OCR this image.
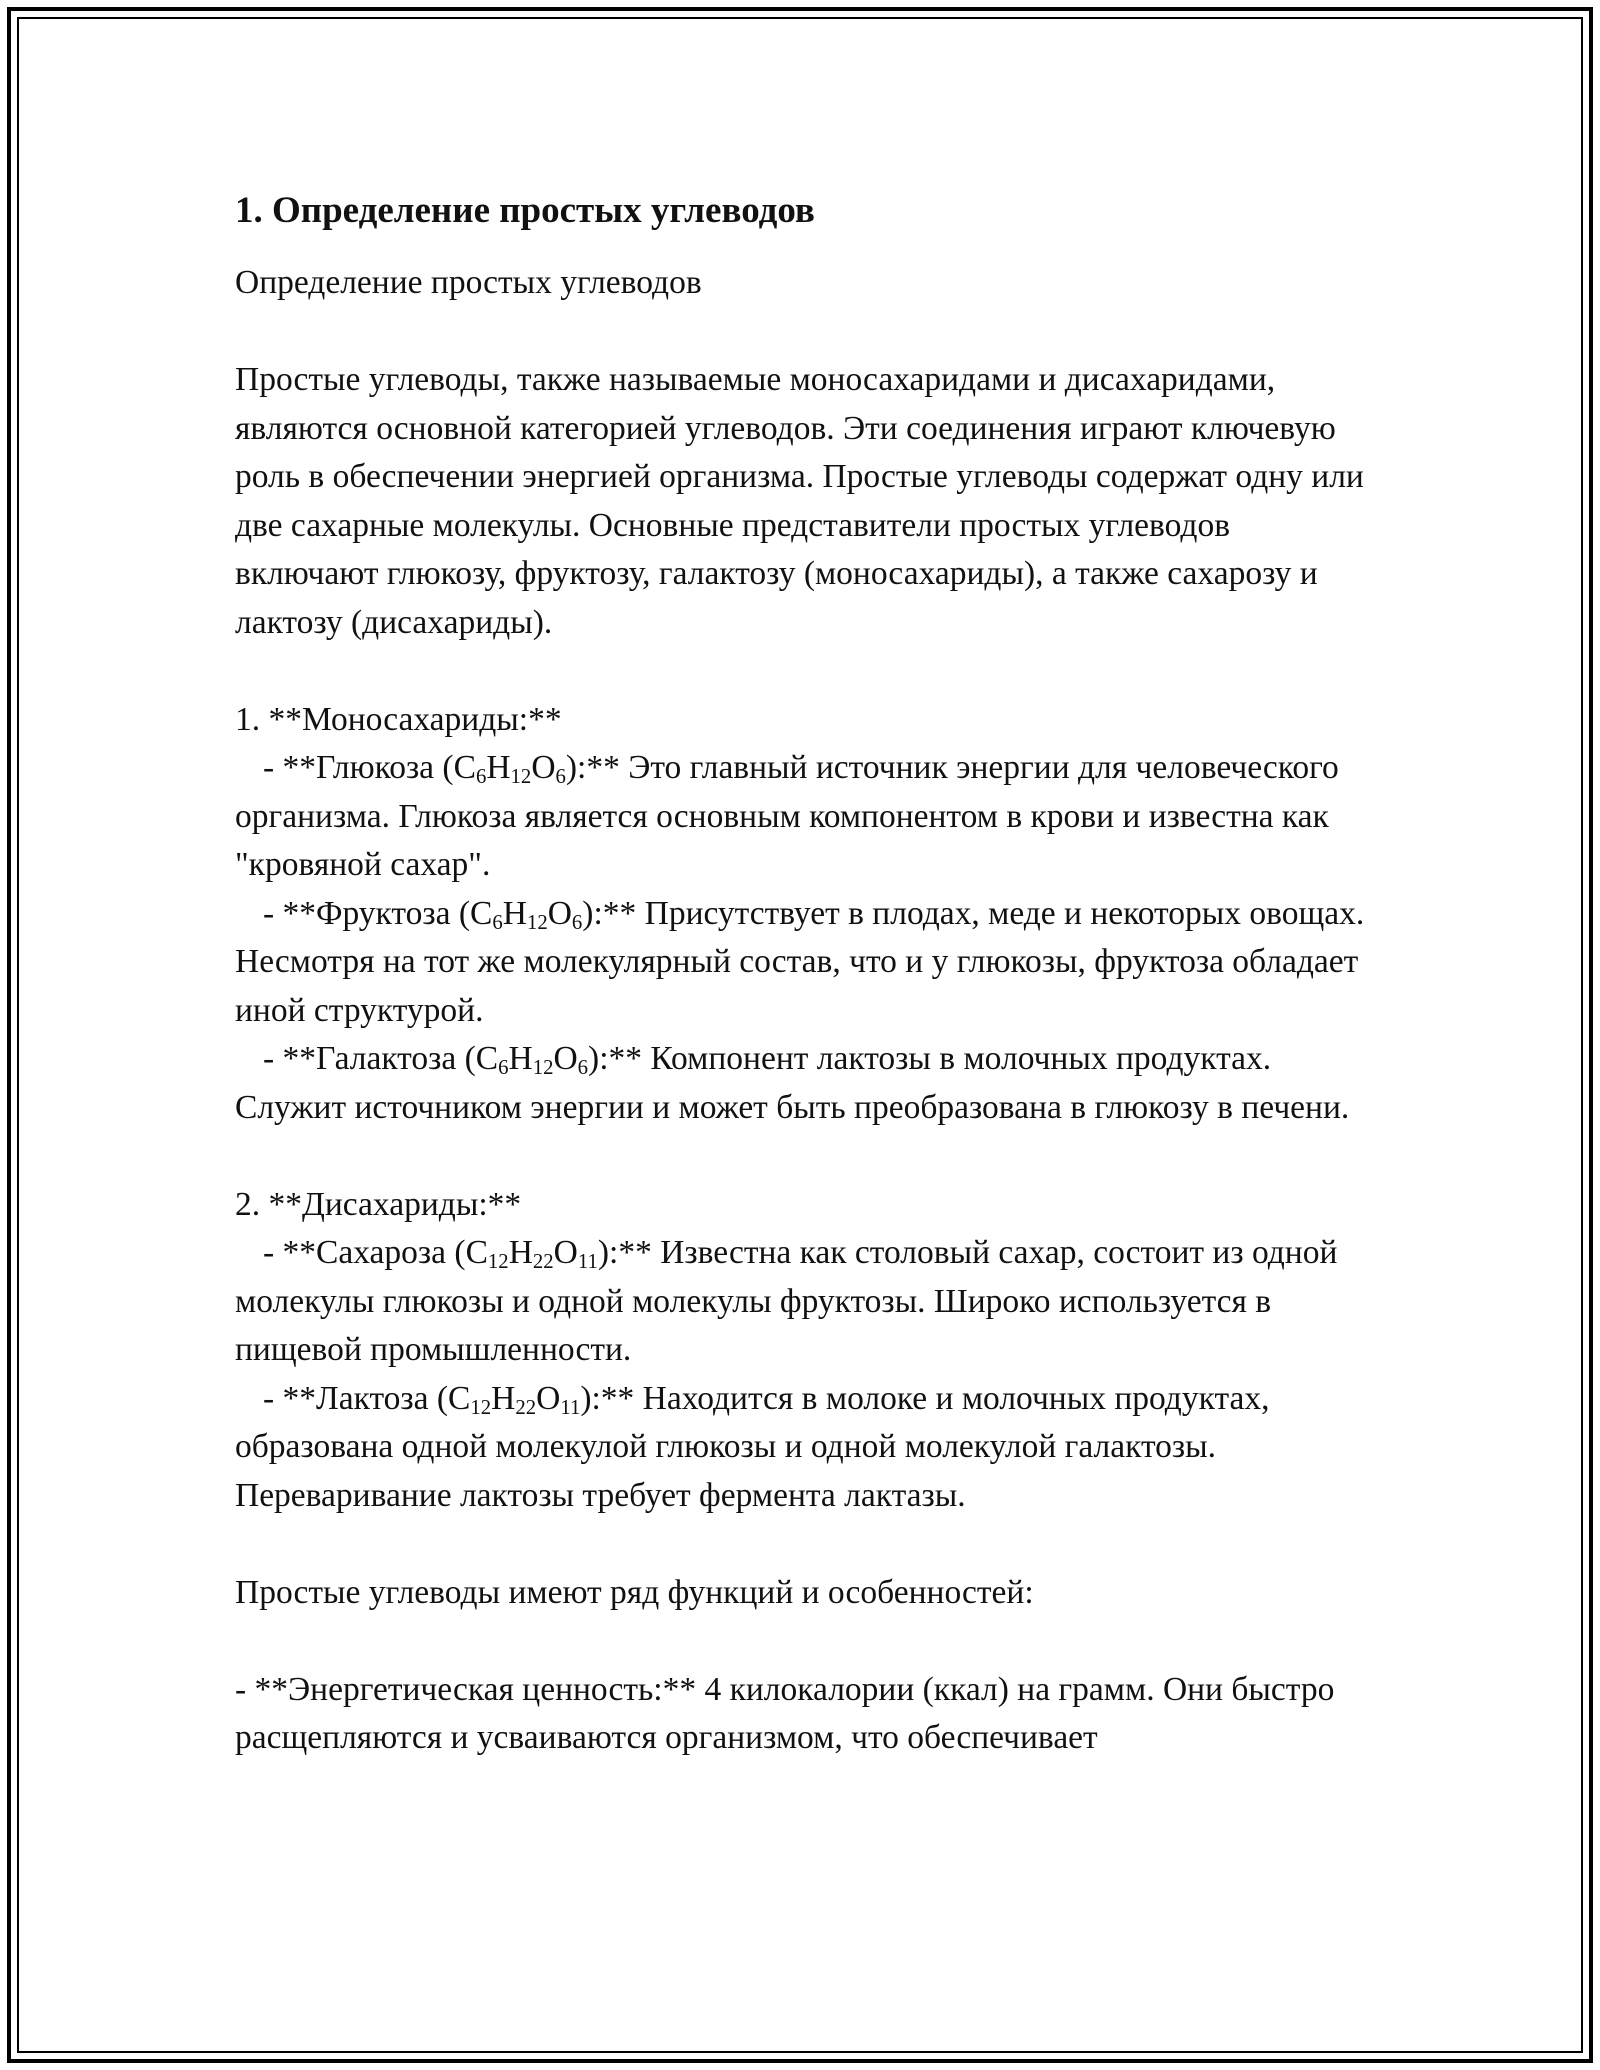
1. Определение простых углеводов

Определение простых углеводов

Простые углеводы, также называемые моносахаридами и дисахаридами, являются основной категорией углеводов. Эти соединения играют ключевую роль в обеспечении энергией организма. Простые углеводы содержат одну или две сахарные молекулы. Основные представители простых углеводов включают глюкозу, фруктозу, галактозу (моносахариды), а также сахарозу и лактозу (дисахариды).

1. **Моносахариды:**

- **Глюкоза $(C_6H_{12}O_6):**$ Это главный источник энергии для человеческого организма. Глюкоза является основным компонентом в крови и известна как "кровяной сахар".

- **Фруктоза $(C_6H_{12}O_6):**$ Присутствует в плодах, меде и некоторых овощах. Несмотря на тот же молекулярный состав, что и у глюкозы, фруктоза обладает иной структурой.

- **Галактоза $(C_6H_{12}O_6):**$ Компонент лактозы в молочных продуктах. Служит источником энергии и может быть преобразована в глюкозу в печени.

2. **Дисахариды:**

- **Сахароза $(C_{12}H_{22}O_{11}):**$ Известна как столовый сахар, состоит из одной молекулы глюкозы и одной молекулы фруктозы. Широко используется в пищевой промышленности.

- **Лактоза $(C_{12}H_{22}O_{11}):**$ Находится в молоке и молочных продуктах, образована одной молекулой глюкозы и одной молекулой галактозы. Переваривание лактозы требует фермента лактазы.

Простые углеводы имеют ряд функций и особенностей:

- **Энергетическая ценность:** 4 килокалории (ккал) на грамм. Они быстро расщепляются и усваиваются организмом, что обеспечивает
